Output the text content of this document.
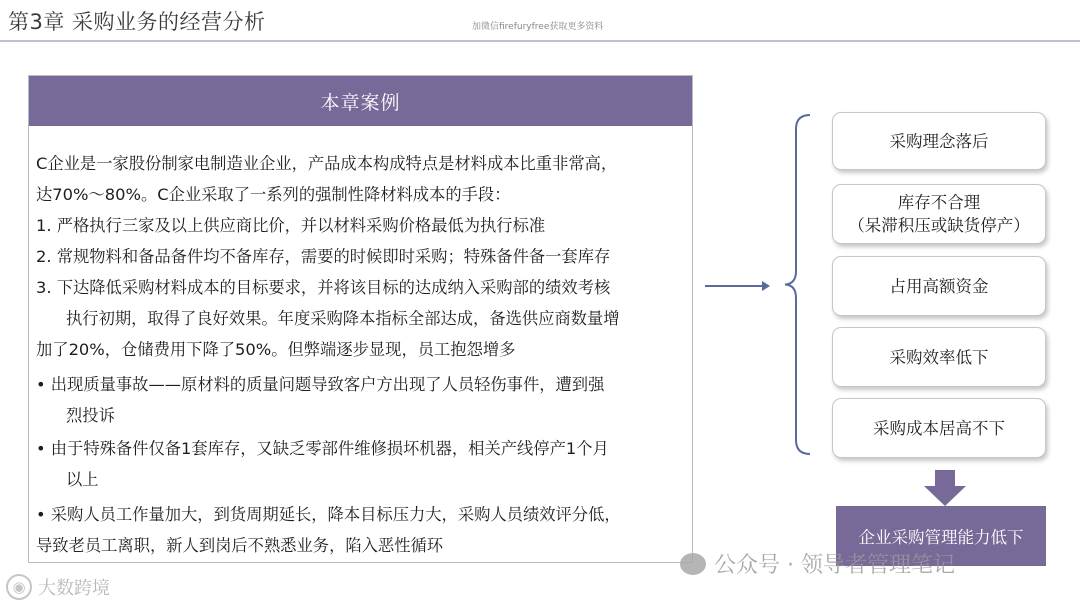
第3章 采购业务的经营分析	加微信firefuryfree获取更多资料
本章案例
C企业是一家股份制家电制造业企业，产品成本构成特点是材料成本比重非常高，
达70%～80%。C企业采取了一系列的强制性降材料成本的手段：
1. 严格执行三家及以上供应商比价，并以材料采购价格最低为执行标准
2. 常规物料和备品备件均不备库存，需要的时候即时采购；特殊备件备一套库存
3. 下达降低采购材料成本的目标要求，并将该目标的达成纳入采购部的绩效考核
执行初期，取得了良好效果。年度采购降本指标全部达成，备选供应商数量增
加了20%，仓储费用下降了50%。但弊端逐步显现，员工抱怨增多
• 出现质量事故——原材料的质量问题导致客户方出现了人员轻伤事件，遭到强
烈投诉
• 由于特殊备件仅备1套库存，又缺乏零部件维修损坏机器，相关产线停产1个月
以上
• 采购人员工作量加大，到货周期延长，降本目标压力大，采购人员绩效评分低，
导致老员工离职，新人到岗后不熟悉业务，陷入恶性循环
采购理念落后
库存不合理
（呆滞积压或缺货停产）
占用高额资金
采购效率低下
采购成本居高不下
企业采购管理能力低下
公众号 · 领导者管理笔记
◉ 大数跨境
